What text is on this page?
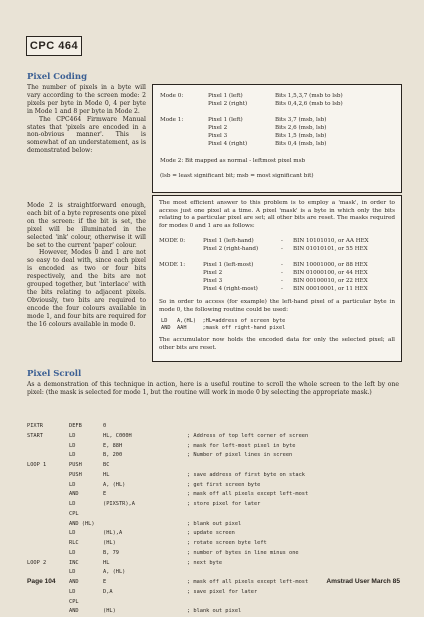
CPC 464
Pixel Coding

The number of pixels in a byte will vary according to the screen mode: 2 pixels per byte in Mode 0, 4 per byte in Mode 1 and 8 per byte in Mode 2.

The CPC464 Firmware Manual states that 'pixels are encoded in a non-obvious manner'. This is somewhat of an understatement, as is demonstrated below:

Mode 2 is straightforward enough, each bit of a byte represents one pixel on the screen: if the bit is set, the pixel will be illuminated in the selected 'ink' colour, otherwise it will be set to the current 'paper' colour.

However, Modes 0 and 1 are not so easy to deal with, since each pixel is encoded as two or four bits respectively, and the bits are not grouped together, but 'interlace' with the bits relating to adjacent pixels. Obviously, two bits are required to encode the four colours available in mode 1, and four bits are required for the 16 colours available in mode 0.

Mode 0:	Pixel 1 (left)	Bits 1,5,3,7 (msb to lsb)
Pixel 2 (right)	Bits 0,4,2,6 (msb to lsb)
Mode 1:	Pixel 1 (left)	Bits 3,7 (msb, lsb)
Pixel 2	Bits 2,6 (msb, lsb)
Pixel 3	Bits 1,5 (msb, lsb)
Pixel 4 (right)	Bits 0,4 (msb, lsb)
Mode 2: Bit mapped as normal - leftmost pixel msb
(lsb = least significant bit; msb = most significant bit)
The most efficient answer to this problem is to employ a 'mask', in order to access just one pixel at a time. A pixel 'mask' is a byte in which only the bits relating to a particular pixel are set; all other bits are reset. The masks required for modes 0 and 1 are as follows:
MODE 0:	Pixel 1 (left-hand)	- BIN 10101010, or AA HEX
Pixel 2 (right-hand)	- BIN 01010101, or 55 HEX
MODE 1:	Pixel 1 (left-most)	- BIN 10001000, or 88 HEX
Pixel 2	- BIN 01000100, or 44 HEX
Pixel 3	- BIN 00100010, or 22 HEX
Pixel 4 (right-most)	- BIN 00010001, or 11 HEX
So in order to access (for example) the left-hand pixel of a particular byte in mode 0, the following routine could be used:
LD   A,(HL)  ;HL=address of screen byte
AND  AAH     ;mask off right-hand pixel
The accumulator now holds the encoded data for only the selected pixel; all other bits are reset.
Pixel Scroll
As a demonstration of this technique in action, here is a useful routine to scroll the whole screen to the left by one pixel: (the mask is selected for mode 1, but the routine will work in mode 0 by selecting the appropriate mask.)
PIXTR	DEFB	0
START	LD	HL, C000H	; Address of top left corner of screen
LD	E, 88H	; mask for left-most pixel in byte
LD	B, 200	; Number of pixel lines in screen
LOOP 1	PUSH	BC
PUSH	HL	; save address of first byte on stack
LD	A, (HL)	; get first screen byte
AND	E	; mask off all pixels except left-most
LD	(PIXSTR),A	; store pixel for later
CPL
AND (HL)	; blank out pixel
LD	(HL),A	; update screen
RLC	(HL)	; rotate screen byte left
LD	B, 79	; number of bytes in line minus one
LOOP 2	INC	HL	; next byte
LD	A, (HL)
AND	E	; mask off all pixels except left-most
LD	D,A	; save pixel for later
CPL
AND	(HL)	; blank out pixel
Page 104	Amstrad User March 85
